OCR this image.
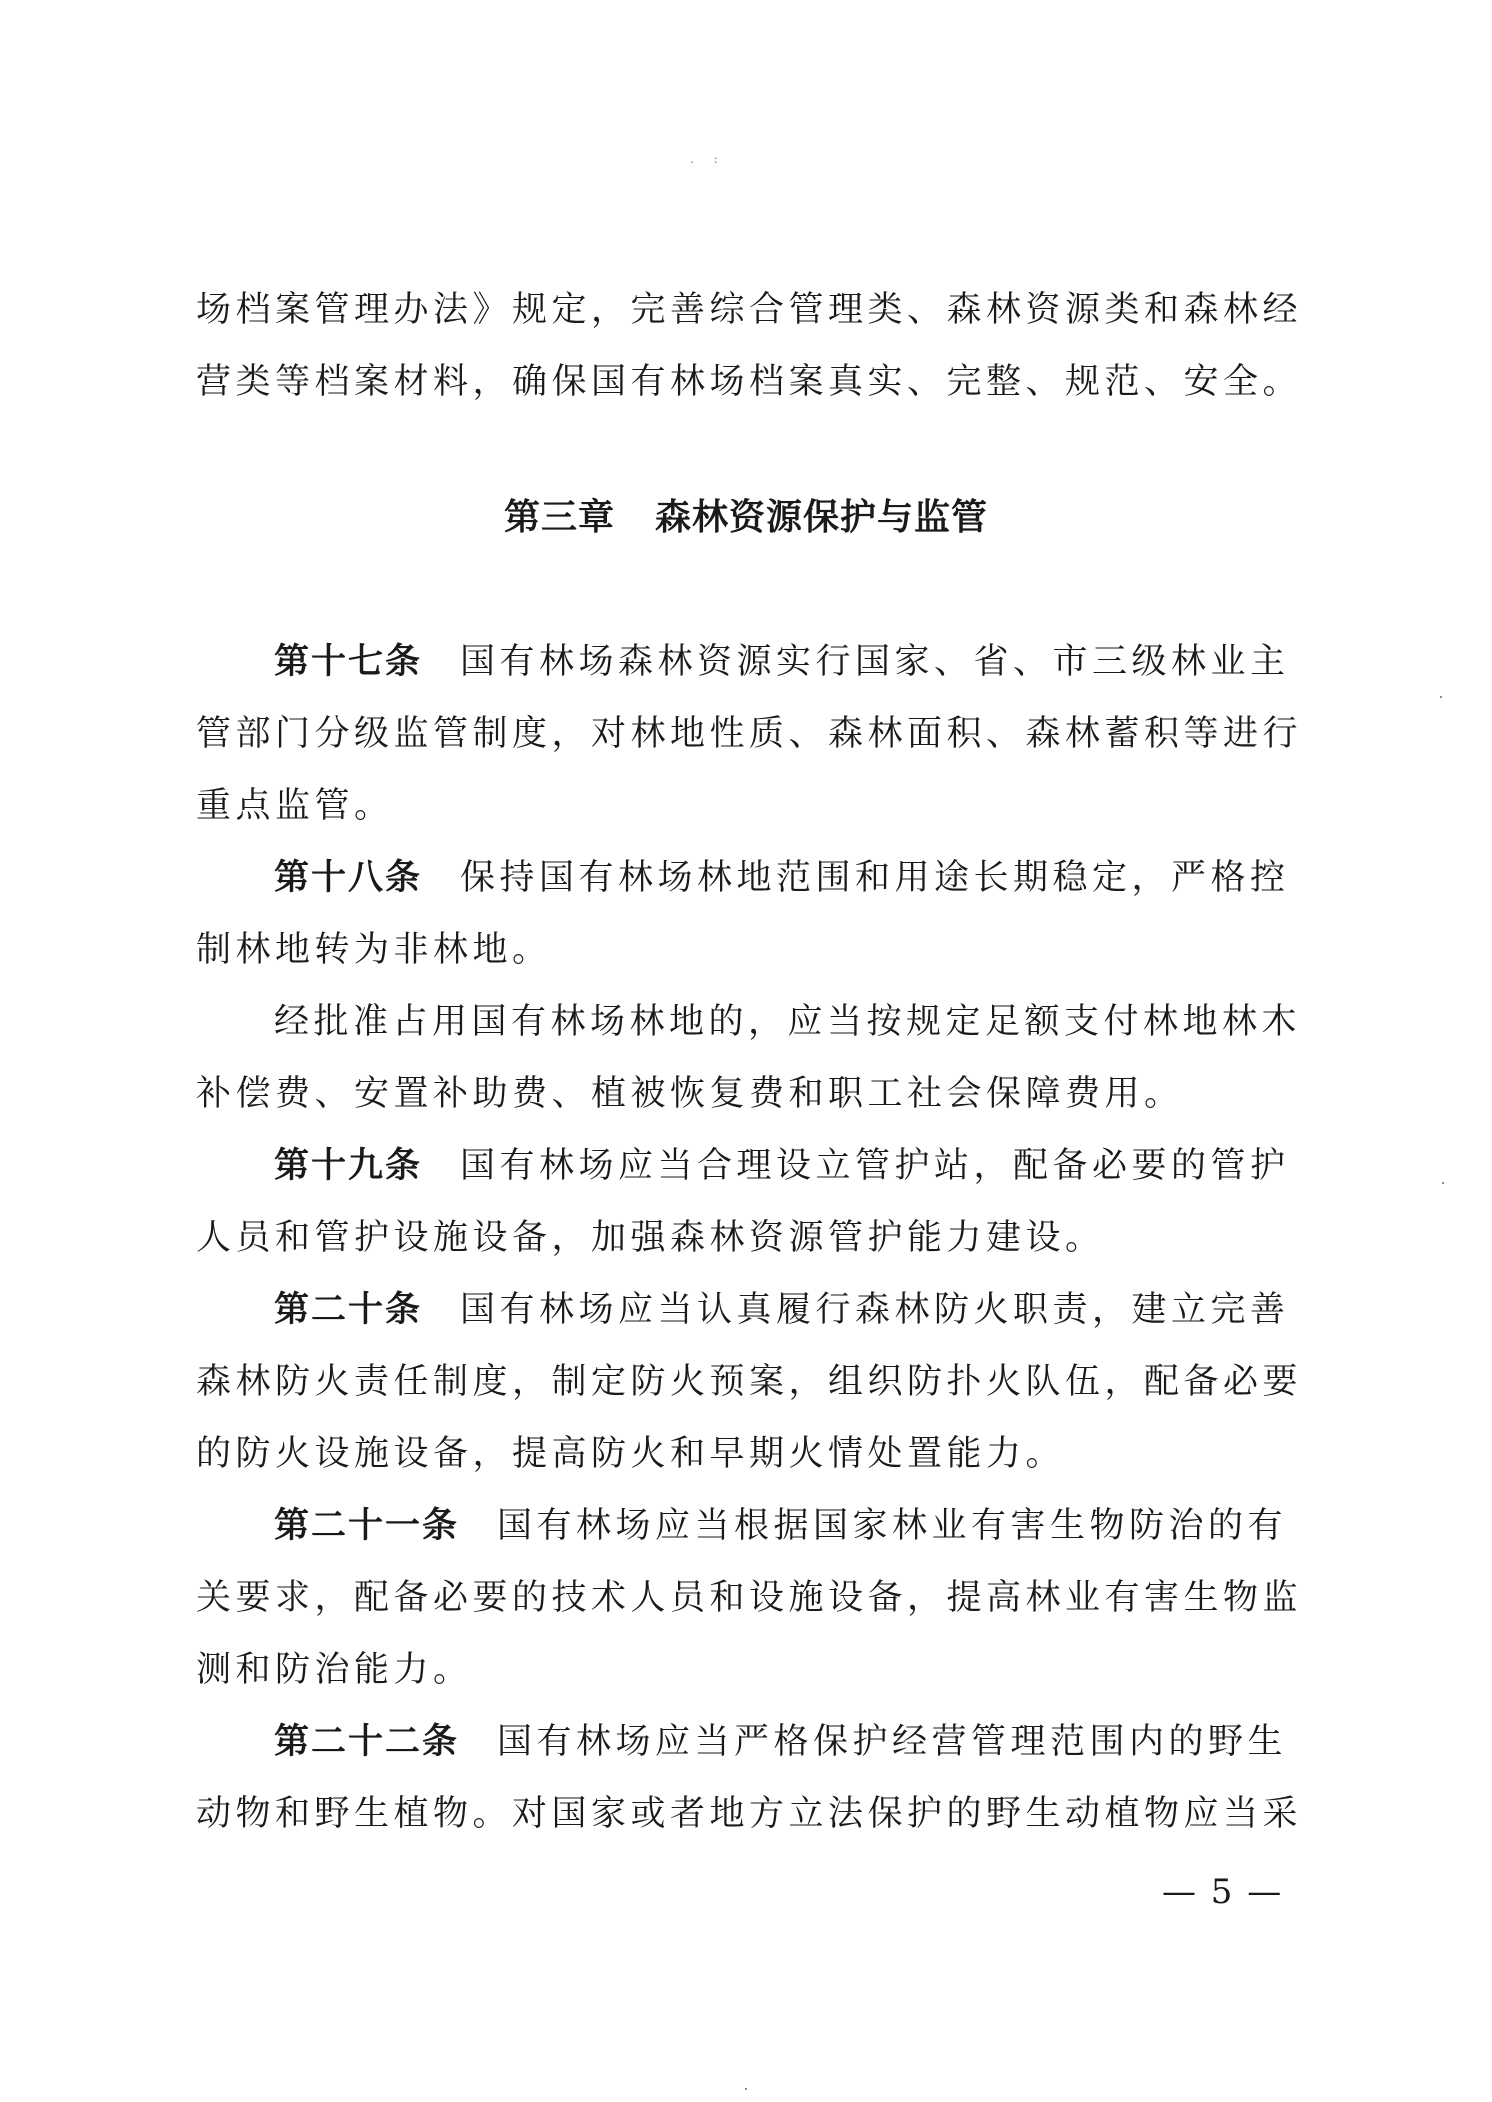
. :
场档案管理办法》规定，完善综合管理类、森林资源类和森林经
营类等档案材料，确保国有林场档案真实、完整、规范、安全。
第三章 森林资源保护与监管
第十七条 国有林场森林资源实行国家、省、市三级林业主
管部门分级监管制度，对林地性质、森林面积、森林蓄积等进行
重点监管。
第十八条 保持国有林场林地范围和用途长期稳定，严格控
制林地转为非林地。
经批准占用国有林场林地的，应当按规定足额支付林地林木
补偿费、安置补助费、植被恢复费和职工社会保障费用。
第十九条 国有林场应当合理设立管护站，配备必要的管护
人员和管护设施设备，加强森林资源管护能力建设。
第二十条 国有林场应当认真履行森林防火职责，建立完善
森林防火责任制度，制定防火预案，组织防扑火队伍，配备必要
的防火设施设备，提高防火和早期火情处置能力。
第二十一条 国有林场应当根据国家林业有害生物防治的有
关要求，配备必要的技术人员和设施设备，提高林业有害生物监
测和防治能力。
第二十二条 国有林场应当严格保护经营管理范围内的野生
动物和野生植物。对国家或者地方立法保护的野生动植物应当采
— 5 —
